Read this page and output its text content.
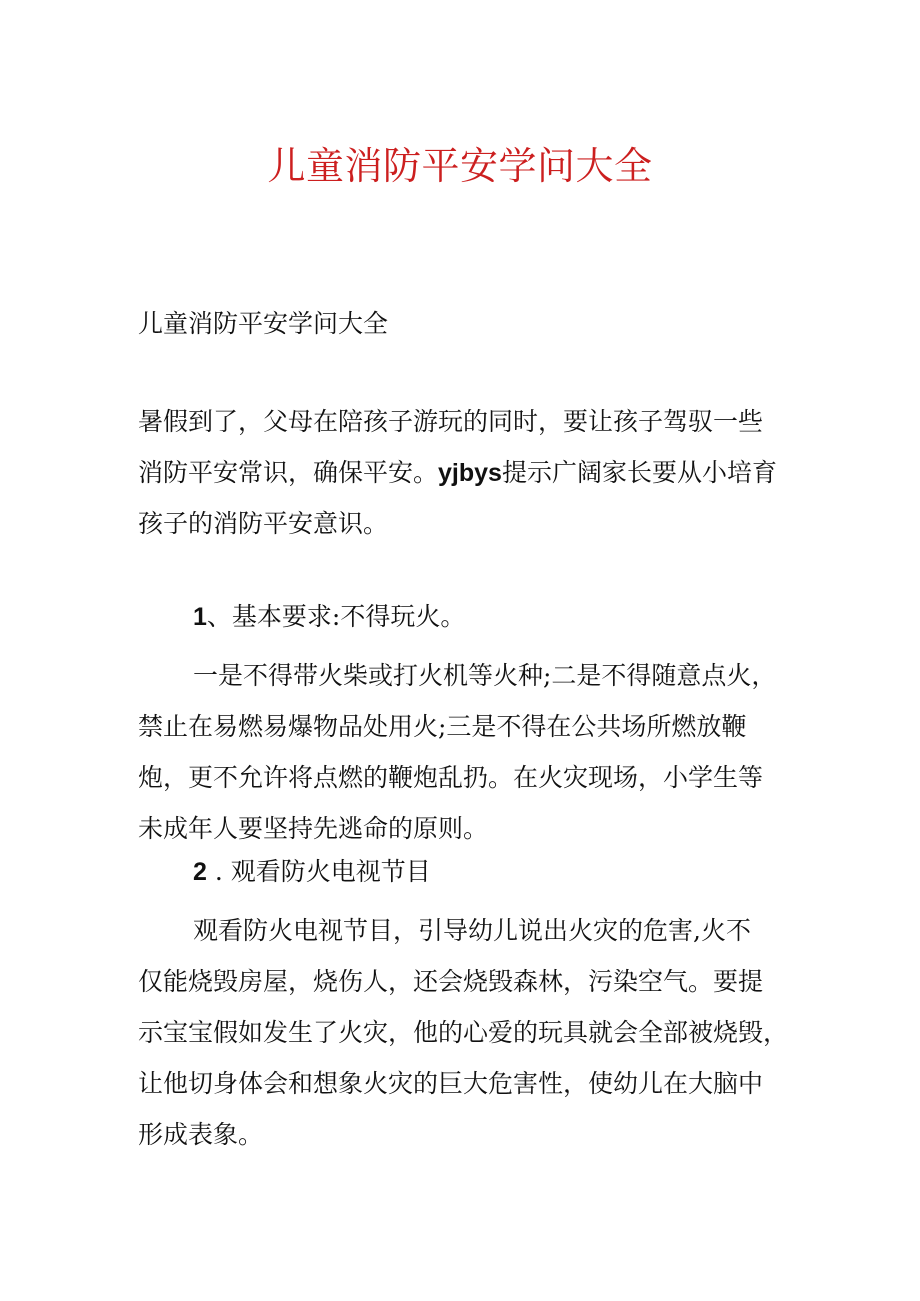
儿童消防平安学问大全
儿童消防平安学问大全
暑假到了，父母在陪孩子游玩的同时，要让孩子驾驭一些
消防平安常识，确保平安。yjbys提示广阔家长要从小培育
孩子的消防平安意识。
1、基本要求:不得玩火。
一是不得带火柴或打火机等火种;二是不得随意点火，
禁止在易燃易爆物品处用火;三是不得在公共场所燃放鞭
炮，更不允许将点燃的鞭炮乱扔。在火灾现场，小学生等
未成年人要坚持先逃命的原则。
2 . 观看防火电视节目
观看防火电视节目，引导幼儿说出火灾的危害,火不
仅能烧毁房屋，烧伤人，还会烧毁森林，污染空气。要提
示宝宝假如发生了火灾，他的心爱的玩具就会全部被烧毁，
让他切身体会和想象火灾的巨大危害性，使幼儿在大脑中
形成表象。
